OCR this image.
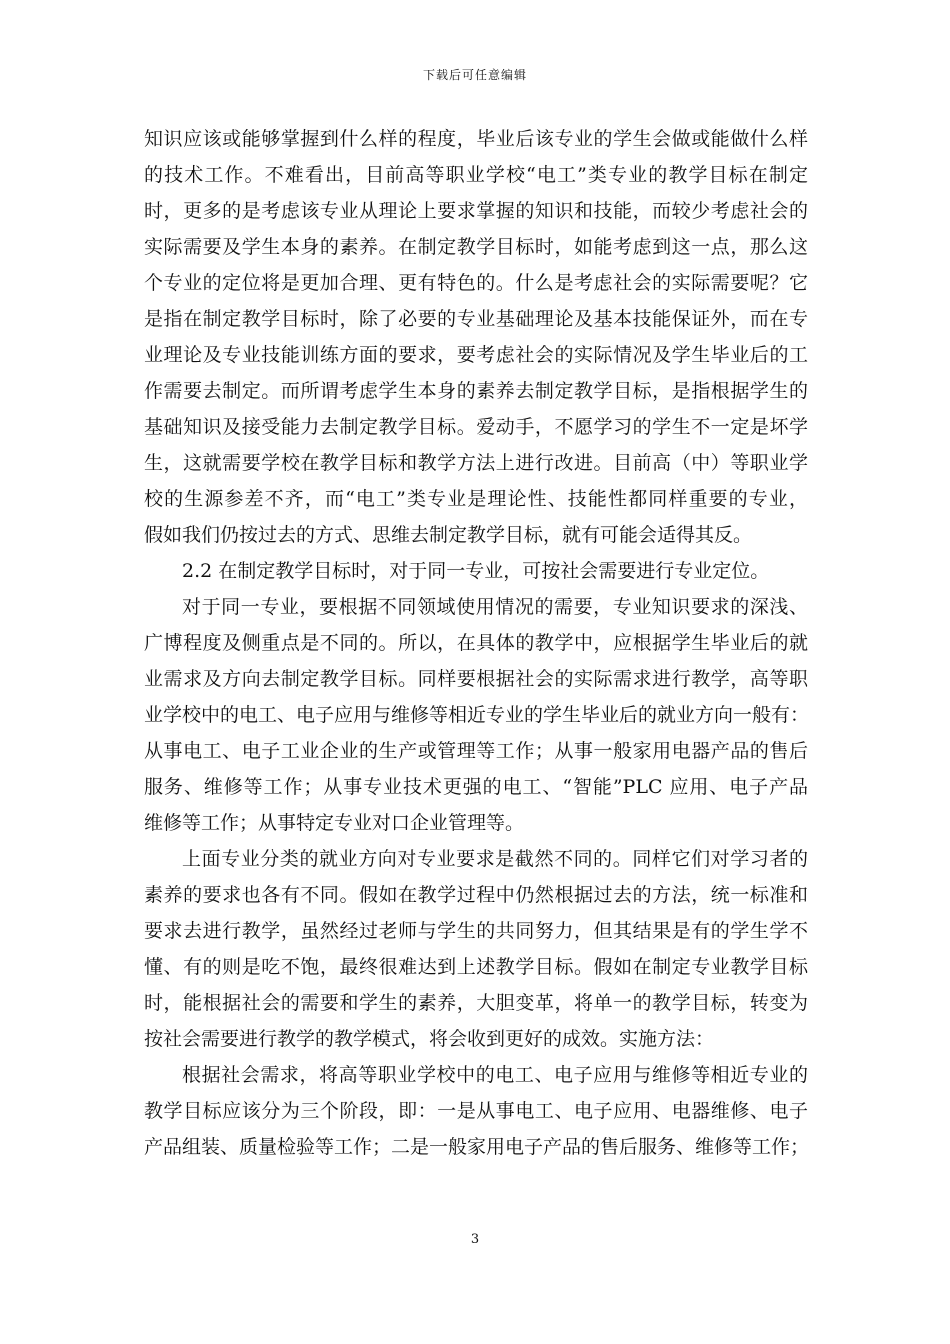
下载后可任意编辑
知识应该或能够掌握到什么样的程度，毕业后该专业的学生会做或能做什么样
的技术工作。不难看出，目前高等职业学校“电工”类专业的教学目标在制定
时，更多的是考虑该专业从理论上要求掌握的知识和技能，而较少考虑社会的
实际需要及学生本身的素养。在制定教学目标时，如能考虑到这一点，那么这
个专业的定位将是更加合理、更有特色的。什么是考虑社会的实际需要呢？它
是指在制定教学目标时，除了必要的专业基础理论及基本技能保证外，而在专
业理论及专业技能训练方面的要求，要考虑社会的实际情况及学生毕业后的工
作需要去制定。而所谓考虑学生本身的素养去制定教学目标，是指根据学生的
基础知识及接受能力去制定教学目标。爱动手，不愿学习的学生不一定是坏学
生，这就需要学校在教学目标和教学方法上进行改进。目前高（中）等职业学
校的生源参差不齐，而“电工”类专业是理论性、技能性都同样重要的专业，
假如我们仍按过去的方式、思维去制定教学目标，就有可能会适得其反。
2.2 在制定教学目标时，对于同一专业，可按社会需要进行专业定位。
对于同一专业，要根据不同领域使用情况的需要，专业知识要求的深浅、
广博程度及侧重点是不同的。所以，在具体的教学中，应根据学生毕业后的就
业需求及方向去制定教学目标。同样要根据社会的实际需求进行教学，高等职
业学校中的电工、电子应用与维修等相近专业的学生毕业后的就业方向一般有：
从事电工、电子工业企业的生产或管理等工作；从事一般家用电器产品的售后
服务、维修等工作；从事专业技术更强的电工、“智能”PLC 应用、电子产品
维修等工作；从事特定专业对口企业管理等。
上面专业分类的就业方向对专业要求是截然不同的。同样它们对学习者的
素养的要求也各有不同。假如在教学过程中仍然根据过去的方法，统一标准和
要求去进行教学，虽然经过老师与学生的共同努力，但其结果是有的学生学不
懂、有的则是吃不饱，最终很难达到上述教学目标。假如在制定专业教学目标
时，能根据社会的需要和学生的素养，大胆变革，将单一的教学目标，转变为
按社会需要进行教学的教学模式，将会收到更好的成效。实施方法：
根据社会需求，将高等职业学校中的电工、电子应用与维修等相近专业的
教学目标应该分为三个阶段，即：一是从事电工、电子应用、电器维修、电子
产品组装、质量检验等工作；二是一般家用电子产品的售后服务、维修等工作；
3
